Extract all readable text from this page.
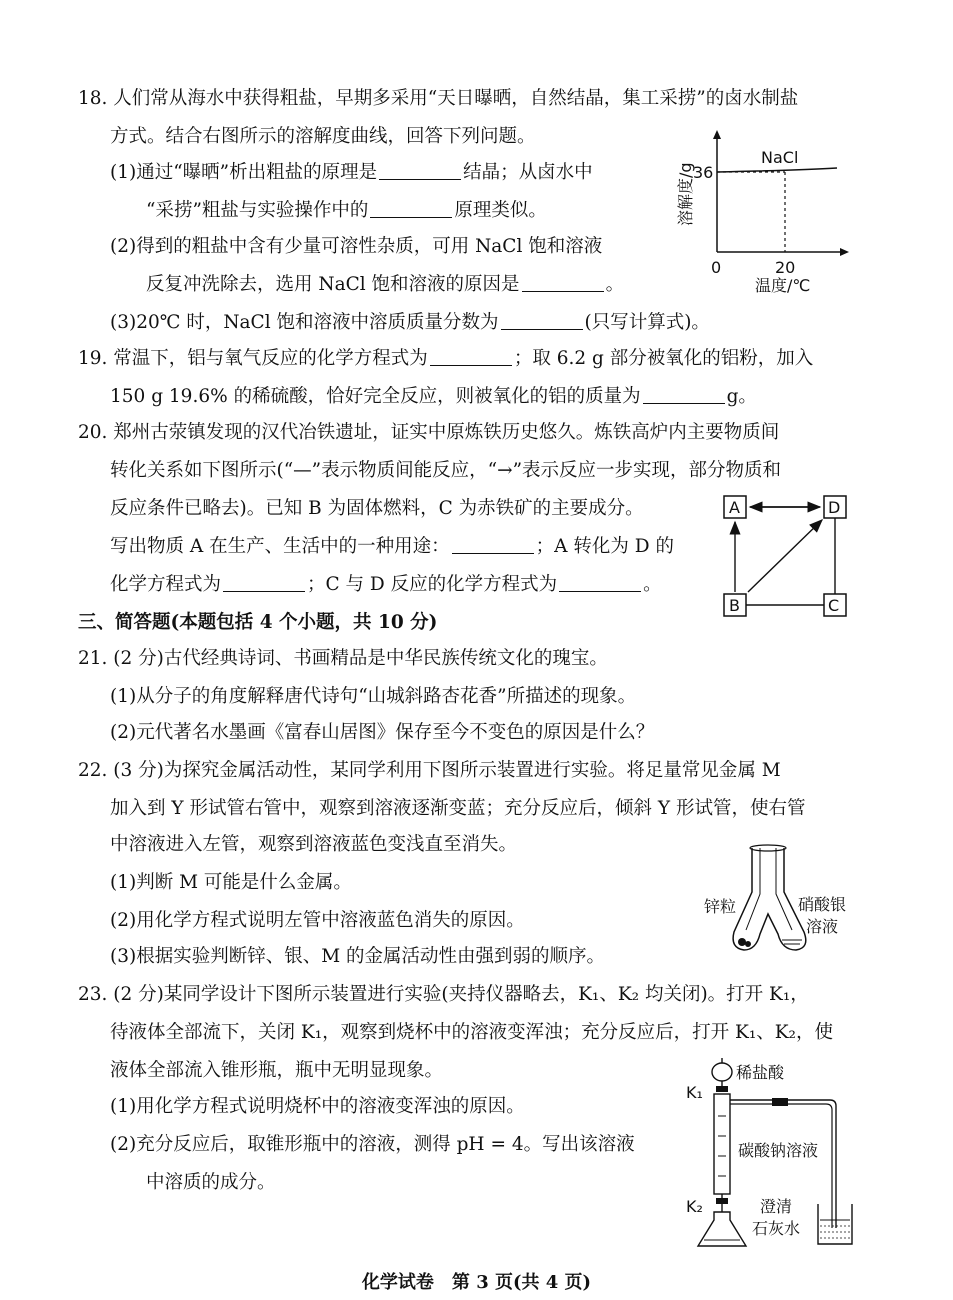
18. 人们常从海水中获得粗盐，早期多采用“天日曝晒，自然结晶，集工采捞”的卤水制盐
方式。结合右图所示的溶解度曲线，回答下列问题。
(1)通过“曝晒”析出粗盐的原理是	结晶；从卤水中
“采捞”粗盐与实验操作中的	原理类似。
(2)得到的粗盐中含有少量可溶性杂质，可用 NaCl 饱和溶液
反复冲洗除去，选用 NaCl 饱和溶液的原因是	。
(3)20℃ 时，NaCl 饱和溶液中溶质质量分数为	(只写计算式)。
NaCl
36
0	20
温度/℃
溶解度/g
19. 常温下，铝与氧气反应的化学方程式为	；取 6.2 g 部分被氧化的铝粉，加入
150 g 19.6% 的稀硫酸，恰好完全反应，则被氧化的铝的质量为	g。
20. 郑州古荥镇发现的汉代冶铁遗址，证实中原炼铁历史悠久。炼铁高炉内主要物质间
转化关系如下图所示(“—”表示物质间能反应，“→”表示反应一步实现，部分物质和
反应条件已略去)。已知 B 为固体燃料，C 为赤铁矿的主要成分。
写出物质 A 在生产、生活中的一种用途：	；A 转化为 D 的
化学方程式为	；C 与 D 反应的化学方程式为	。
A	D
B	C
三、简答题(本题包括 4 个小题，共 10 分)
21. (2 分)古代经典诗词、书画精品是中华民族传统文化的瑰宝。
(1)从分子的角度解释唐代诗句“山城斜路杏花香”所描述的现象。
(2)元代著名水墨画《富春山居图》保存至今不变色的原因是什么？
22. (3 分)为探究金属活动性，某同学利用下图所示装置进行实验。将足量常见金属 M
加入到 Y 形试管右管中，观察到溶液逐渐变蓝；充分反应后，倾斜 Y 形试管，使右管
中溶液进入左管，观察到溶液蓝色变浅直至消失。
(1)判断 M 可能是什么金属。
(2)用化学方程式说明左管中溶液蓝色消失的原因。
(3)根据实验判断锌、银、M 的金属活动性由强到弱的顺序。
锌粒	硝酸银
溶液
23. (2 分)某同学设计下图所示装置进行实验(夹持仪器略去，K₁、K₂ 均关闭)。打开 K₁，
待液体全部流下，关闭 K₁，观察到烧杯中的溶液变浑浊；充分反应后，打开 K₁、K₂，使
液体全部流入锥形瓶，瓶中无明显现象。
(1)用化学方程式说明烧杯中的溶液变浑浊的原因。
(2)充分反应后，取锥形瓶中的溶液，测得 pH = 4。写出该溶液
中溶质的成分。
稀盐酸
K₁
碳酸钠溶液
K₂	澄清
石灰水
化学试卷　第 3 页(共 4 页)
